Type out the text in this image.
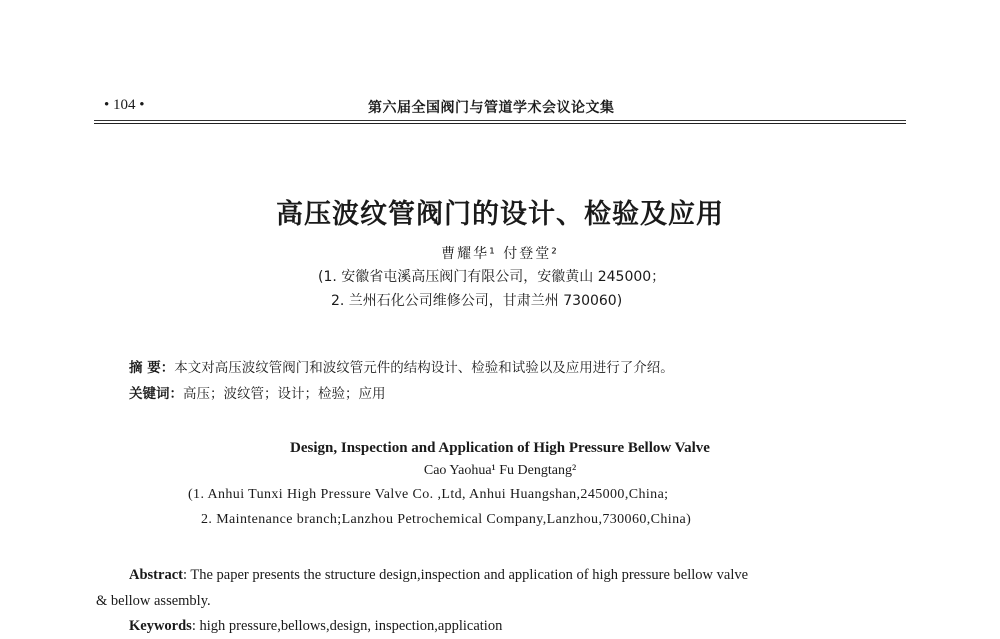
• 104 •	第六届全国阀门与管道学术会议论文集
高压波纹管阀门的设计、检验及应用
曹耀华¹ 付登堂²
(1. 安徽省屯溪高压阀门有限公司，安徽黄山 245000；
2. 兰州石化公司维修公司，甘肃兰州 730060)
摘 要：本文对高压波纹管阀门和波纹管元件的结构设计、检验和试验以及应用进行了介绍。
关键词：高压；波纹管；设计；检验；应用
Design, Inspection and Application of High Pressure Bellow Valve
Cao Yaohua¹ Fu Dengtang²
(1. Anhui Tunxi High Pressure Valve Co. ,Ltd, Anhui Huangshan,245000,China;
2. Maintenance branch;Lanzhou Petrochemical Company,Lanzhou,730060,China)
Abstract: The paper presents the structure design,inspection and application of high pressure bellow valve
& bellow assembly.
Keywords: high pressure,bellows,design, inspection,application
